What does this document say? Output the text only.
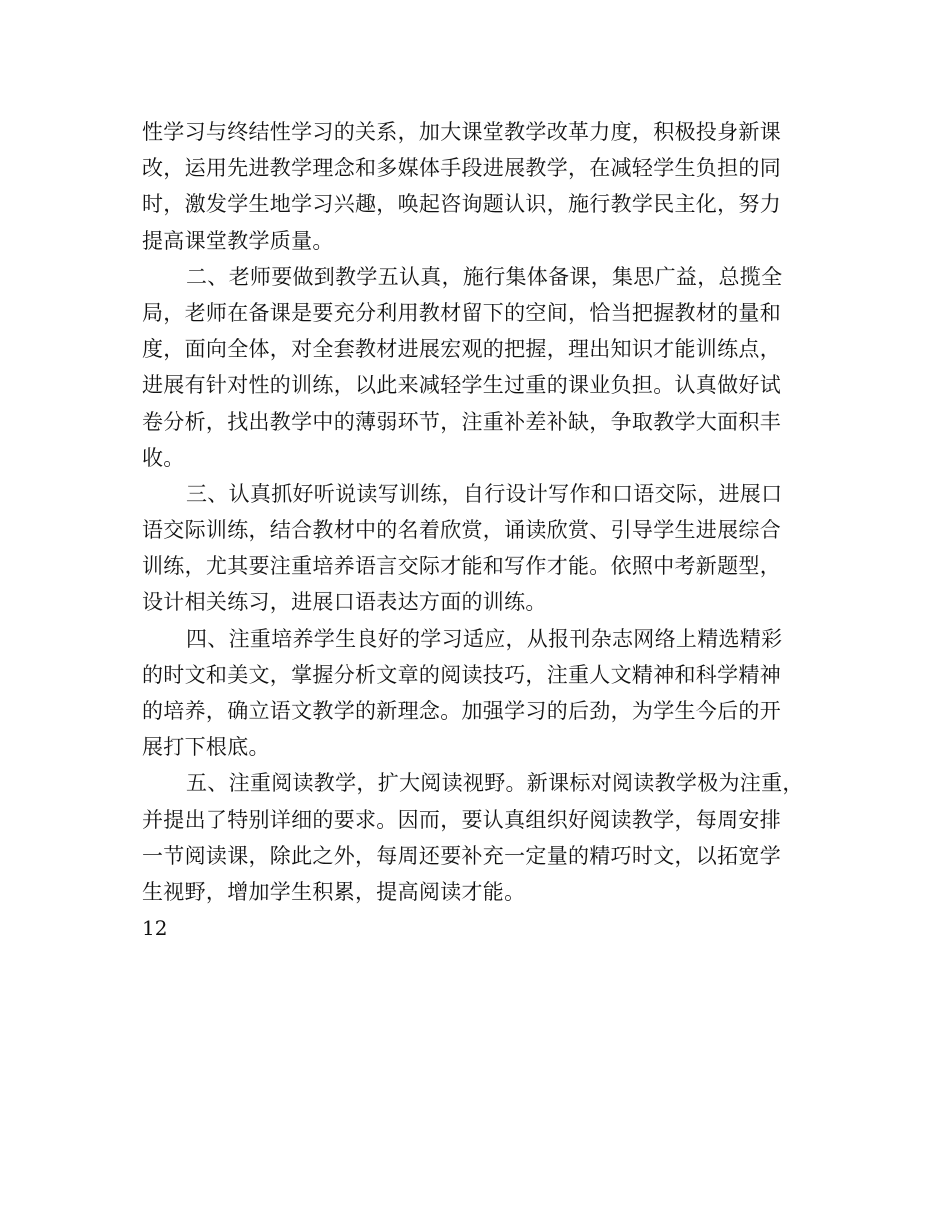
性学习与终结性学习的关系，加大课堂教学改革力度，积极投身新课
改，运用先进教学理念和多媒体手段进展教学，在减轻学生负担的同
时，激发学生地学习兴趣，唤起咨询题认识，施行教学民主化，努力
提高课堂教学质量。
二、老师要做到教学五认真，施行集体备课，集思广益，总揽全
局，老师在备课是要充分利用教材留下的空间，恰当把握教材的量和
度，面向全体，对全套教材进展宏观的把握，理出知识才能训练点，
进展有针对性的训练，以此来减轻学生过重的课业负担。认真做好试
卷分析，找出教学中的薄弱环节，注重补差补缺，争取教学大面积丰
收。
三、认真抓好听说读写训练，自行设计写作和口语交际，进展口
语交际训练，结合教材中的名着欣赏，诵读欣赏、引导学生进展综合
训练，尤其要注重培养语言交际才能和写作才能。依照中考新题型，
设计相关练习，进展口语表达方面的训练。
四、注重培养学生良好的学习适应，从报刊杂志网络上精选精彩
的时文和美文，掌握分析文章的阅读技巧，注重人文精神和科学精神
的培养，确立语文教学的新理念。加强学习的后劲，为学生今后的开
展打下根底。
五、注重阅读教学，扩大阅读视野。新课标对阅读教学极为注重，
并提出了特别详细的要求。因而，要认真组织好阅读教学，每周安排
一节阅读课，除此之外，每周还要补充一定量的精巧时文，以拓宽学
生视野，增加学生积累，提高阅读才能。
12
